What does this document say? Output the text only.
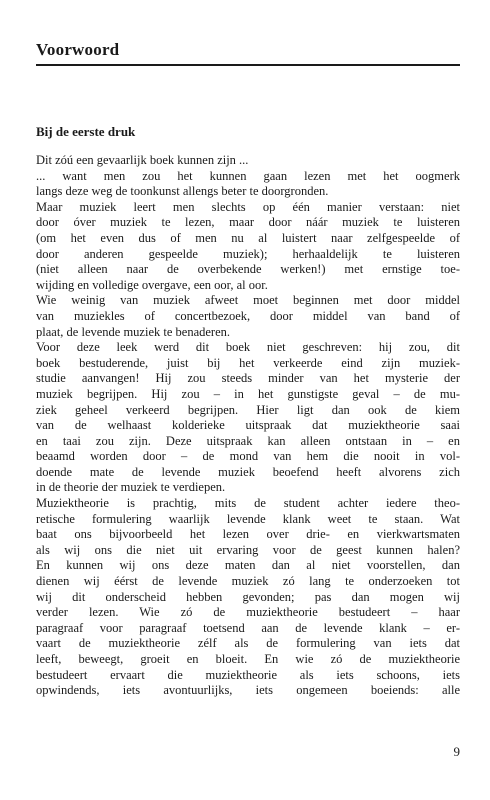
Voorwoord
Bij de eerste druk
Dit zóú een gevaarlijk boek kunnen zijn ...
... want men zou het kunnen gaan lezen met het oogmerk
langs deze weg de toonkunst allengs beter te doorgronden.
Maar muziek leert men slechts op één manier verstaan: niet
door óver muziek te lezen, maar door náár muziek te luisteren
(om het even dus of men nu al luistert naar zelfgespeelde of
door anderen gespeelde muziek); herhaaldelijk te luisteren
(niet alleen naar de overbekende werken!) met ernstige toe-
wijding en volledige overgave, een oor, al oor.
Wie weinig van muziek afweet moet beginnen met door middel
van muziekles of concertbezoek, door middel van band of
plaat, de levende muziek te benaderen.
Voor deze leek werd dit boek niet geschreven: hij zou, dit
boek bestuderende, juist bij het verkeerde eind zijn muziek-
studie aanvangen! Hij zou steeds minder van het mysterie der
muziek begrijpen. Hij zou – in het gunstigste geval – de mu-
ziek geheel verkeerd begrijpen. Hier ligt dan ook de kiem
van de welhaast kolderieke uitspraak dat muziektheorie saai
en taai zou zijn. Deze uitspraak kan alleen ontstaan in – en
beaamd worden door – de mond van hem die nooit in vol-
doende mate de levende muziek beoefend heeft alvorens zich
in de theorie der muziek te verdiepen.
Muziektheorie is prachtig, mits de student achter iedere theo-
retische formulering waarlijk levende klank weet te staan. Wat
baat ons bijvoorbeeld het lezen over drie- en vierkwartsmaten
als wij ons die niet uit ervaring voor de geest kunnen halen?
En kunnen wij ons deze maten dan al niet voorstellen, dan
dienen wij éérst de levende muziek zó lang te onderzoeken tot
wij dit onderscheid hebben gevonden; pas dan mogen wij
verder lezen. Wie zó de muziektheorie bestudeert – haar
paragraaf voor paragraaf toetsend aan de levende klank – er-
vaart de muziektheorie zélf als de formulering van iets dat
leeft, beweegt, groeit en bloeit. En wie zó de muziektheorie
bestudeert ervaart die muziektheorie als iets schoons, iets
opwindends, iets avontuurlijks, iets ongemeen boeiends: alle
9
